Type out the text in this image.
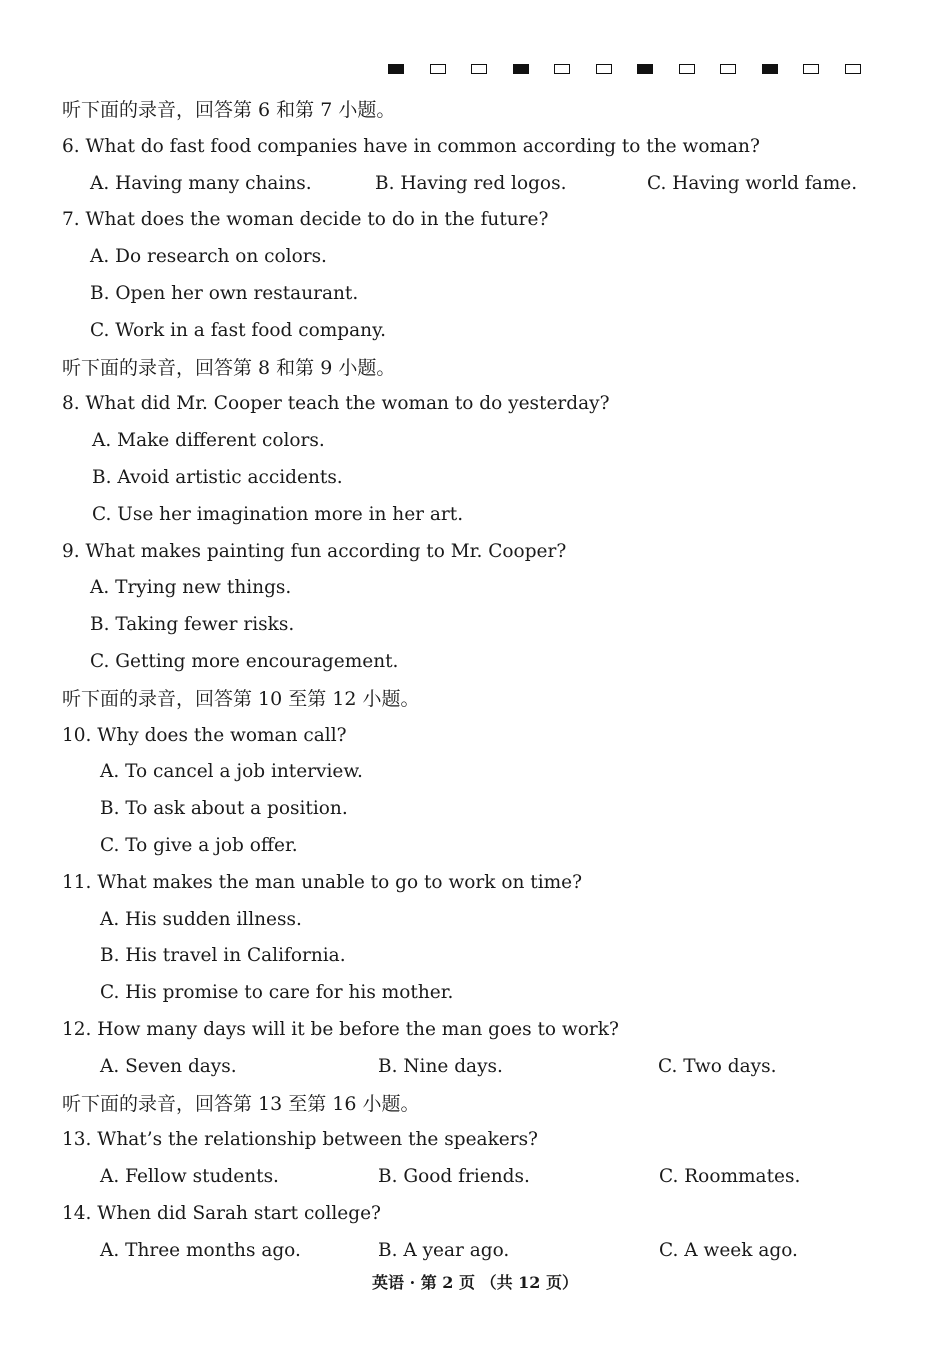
听下面的录音，回答第 6 和第 7 小题。
6. What do fast food companies have in common according to the woman?
A. Having many chains.	B. Having red logos.	C. Having world fame.
7. What does the woman decide to do in the future?
A. Do research on colors.
B. Open her own restaurant.
C. Work in a fast food company.
听下面的录音，回答第 8 和第 9 小题。
8. What did Mr. Cooper teach the woman to do yesterday?
A. Make different colors.
B. Avoid artistic accidents.
C. Use her imagination more in her art.
9. What makes painting fun according to Mr. Cooper?
A. Trying new things.
B. Taking fewer risks.
C. Getting more encouragement.
听下面的录音，回答第 10 至第 12 小题。
10. Why does the woman call?
A. To cancel a job interview.
B. To ask about a position.
C. To give a job offer.
11. What makes the man unable to go to work on time?
A. His sudden illness.
B. His travel in California.
C. His promise to care for his mother.
12. How many days will it be before the man goes to work?
A. Seven days.	B. Nine days.	C. Two days.
听下面的录音，回答第 13 至第 16 小题。
13. What’s the relationship between the speakers?
A. Fellow students.	B. Good friends.	C. Roommates.
14. When did Sarah start college?
A. Three months ago.	B. A year ago.	C. A week ago.
英语 · 第 2 页 （共 12 页）
